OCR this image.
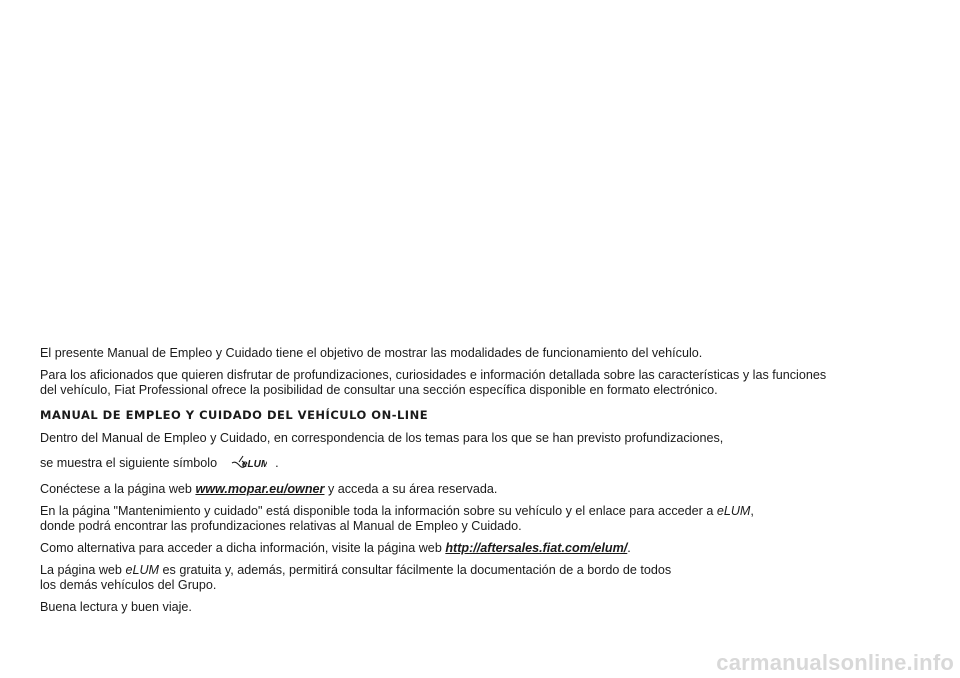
El presente Manual de Empleo y Cuidado tiene el objetivo de mostrar las modalidades de funcionamiento del vehículo.

Para los aficionados que quieren disfrutar de profundizaciones, curiosidades e información detallada sobre las características y las funciones
del vehículo, Fiat Professional ofrece la posibilidad de consultar una sección específica disponible en formato electrónico.

MANUAL DE EMPLEO Y CUIDADO DEL VEHÍCULO ON-LINE

Dentro del Manual de Empleo y Cuidado, en correspondencia de los temas para los que se han previsto profundizaciones,

se muestra el siguiente símbolo	eLUM .

Conéctese a la página web www.mopar.eu/owner y acceda a su área reservada.

En la página "Mantenimiento y cuidado" está disponible toda la información sobre su vehículo y el enlace para acceder a eLUM,
donde podrá encontrar las profundizaciones relativas al Manual de Empleo y Cuidado.

Como alternativa para acceder a dicha información, visite la página web http://aftersales.fiat.com/elum/.

La página web eLUM es gratuita y, además, permitirá consultar fácilmente la documentación de a bordo de todos
los demás vehículos del Grupo.

Buena lectura y buen viaje.

carmanualsonline.info
